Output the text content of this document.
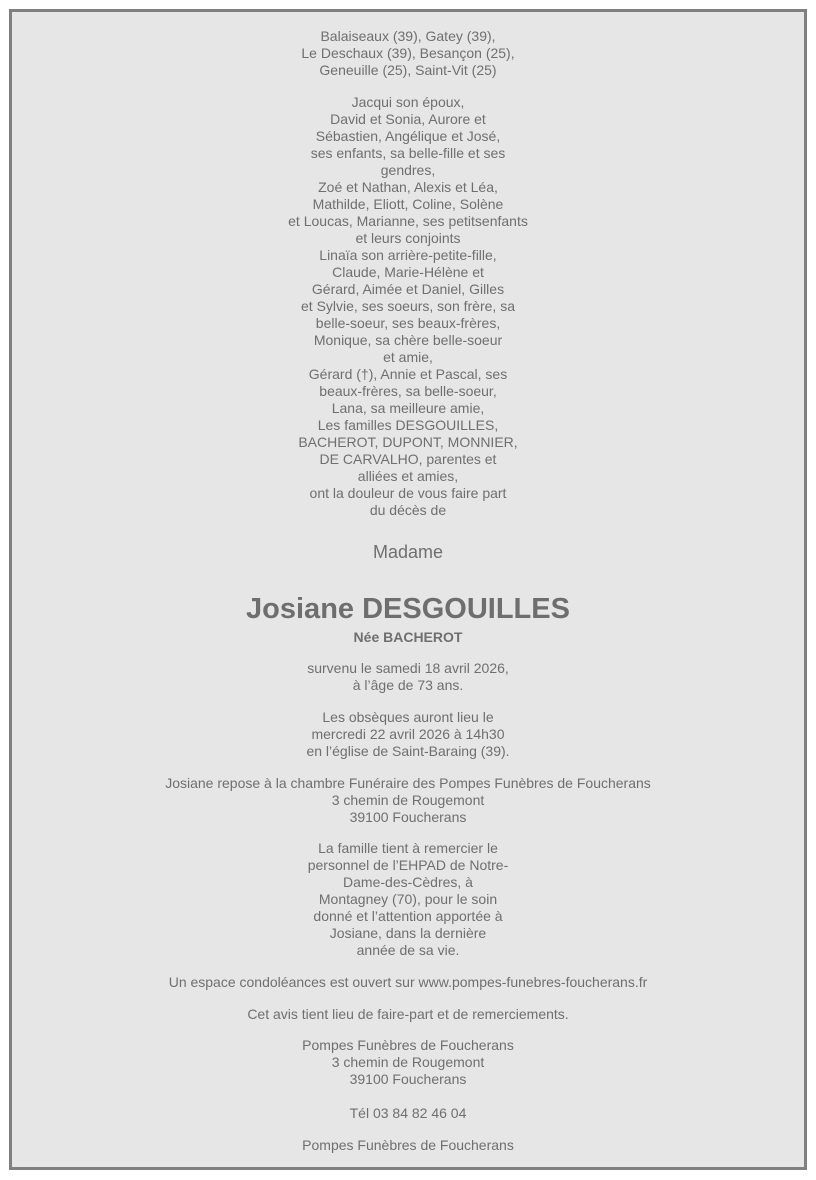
Balaiseaux (39), Gatey (39),
Le Deschaux (39), Besançon (25),
Geneuille (25), Saint-Vit (25)
Jacqui son époux,
David et Sonia, Aurore et
Sébastien, Angélique et José,
ses enfants, sa belle-fille et ses
gendres,
Zoé et Nathan, Alexis et Léa,
Mathilde, Eliott, Coline, Solène
et Loucas, Marianne, ses petitsenfants
et leurs conjoints
Linaïa son arrière-petite-fille,
Claude, Marie-Hélène et
Gérard, Aimée et Daniel, Gilles
et Sylvie, ses soeurs, son frère, sa
belle-soeur, ses beaux-frères,
Monique, sa chère belle-soeur
et amie,
Gérard (†), Annie et Pascal, ses
beaux-frères, sa belle-soeur,
Lana, sa meilleure amie,
Les familles DESGOUILLES,
BACHEROT, DUPONT, MONNIER,
DE CARVALHO, parentes et
alliées et amies,
ont la douleur de vous faire part
du décès de
Madame
Josiane DESGOUILLES
Née BACHEROT
survenu le samedi 18 avril 2026,
à l’âge de 73 ans.
Les obsèques auront lieu le
mercredi 22 avril 2026 à 14h30
en l’église de Saint-Baraing (39).
Josiane repose à la chambre Funéraire des Pompes Funèbres de Foucherans
3 chemin de Rougemont
39100 Foucherans
La famille tient à remercier le
personnel de l’EHPAD de Notre-
Dame-des-Cèdres, à
Montagney (70), pour le soin
donné et l’attention apportée à
Josiane, dans la dernière
année de sa vie.
Un espace condoléances est ouvert sur www.pompes-funebres-foucherans.fr
Cet avis tient lieu de faire-part et de remerciements.
Pompes Funèbres de Foucherans
3 chemin de Rougemont
39100 Foucherans
Tél 03 84 82 46 04
Pompes Funèbres de Foucherans
